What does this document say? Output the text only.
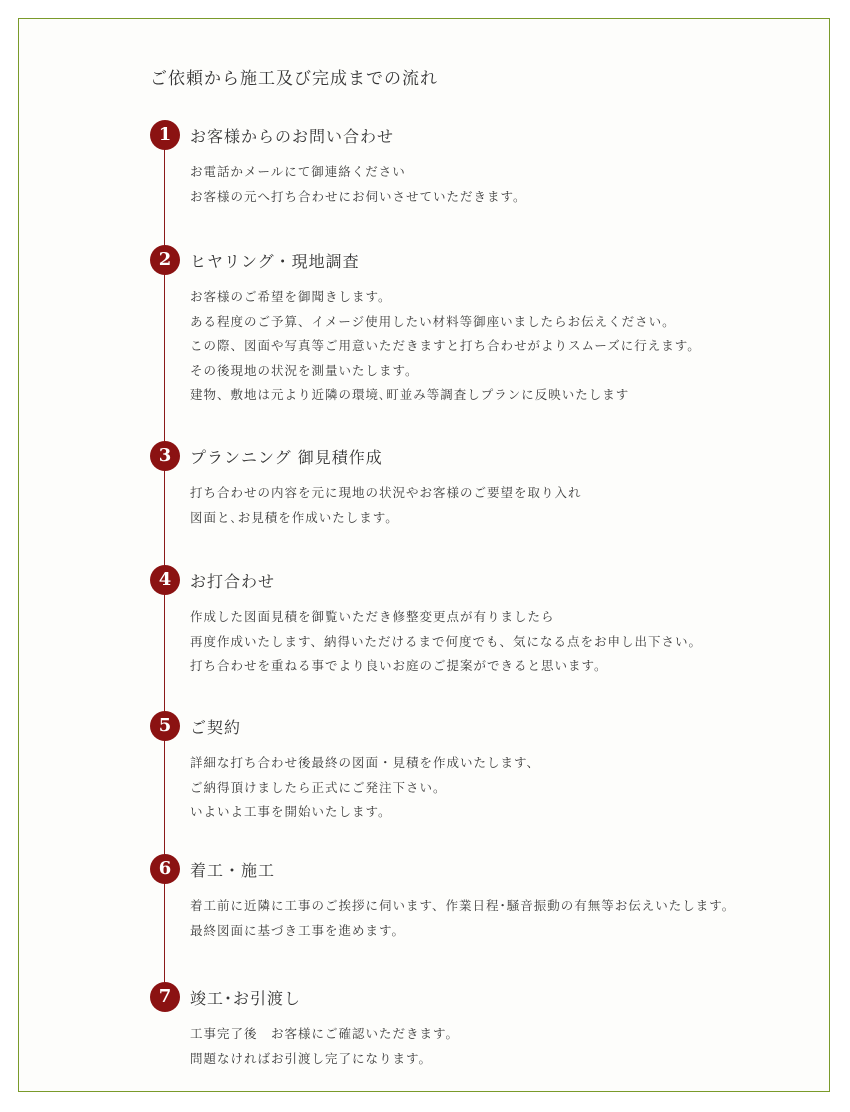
ご依頼から施工及び完成までの流れ
1	お客様からのお問い合わせ
お電話かメールにて御連絡ください
お客様の元へ打ち合わせにお伺いさせていただきます。
2	ヒヤリング・現地調査
お客様のご希望を御聞きします。
ある程度のご予算、イメージ使用したい材料等御座いましたらお伝えください。
この際、図面や写真等ご用意いただきますと打ち合わせがよりスムーズに行えます。
その後現地の状況を測量いたします。
建物、敷地は元より近隣の環境､町並み等調査しプランに反映いたします
3	プランニング 御見積作成
打ち合わせの内容を元に現地の状況やお客様のご要望を取り入れ
図面と､お見積を作成いたします。
4	お打合わせ
作成した図面見積を御覧いただき修整変更点が有りましたら
再度作成いたします、納得いただけるまで何度でも、気になる点をお申し出下さい。
打ち合わせを重ねる事でより良いお庭のご提案ができると思います。
5	ご契約
詳細な打ち合わせ後最終の図面・見積を作成いたします、
ご納得頂けましたら正式にご発注下さい。
いよいよ工事を開始いたします。
6	着工・施工
着工前に近隣に工事のご挨拶に伺います、作業日程･騒音振動の有無等お伝えいたします。
最終図面に基づき工事を進めます。
7	竣工･お引渡し
工事完了後　お客様にご確認いただきます。
問題なければお引渡し完了になります。
